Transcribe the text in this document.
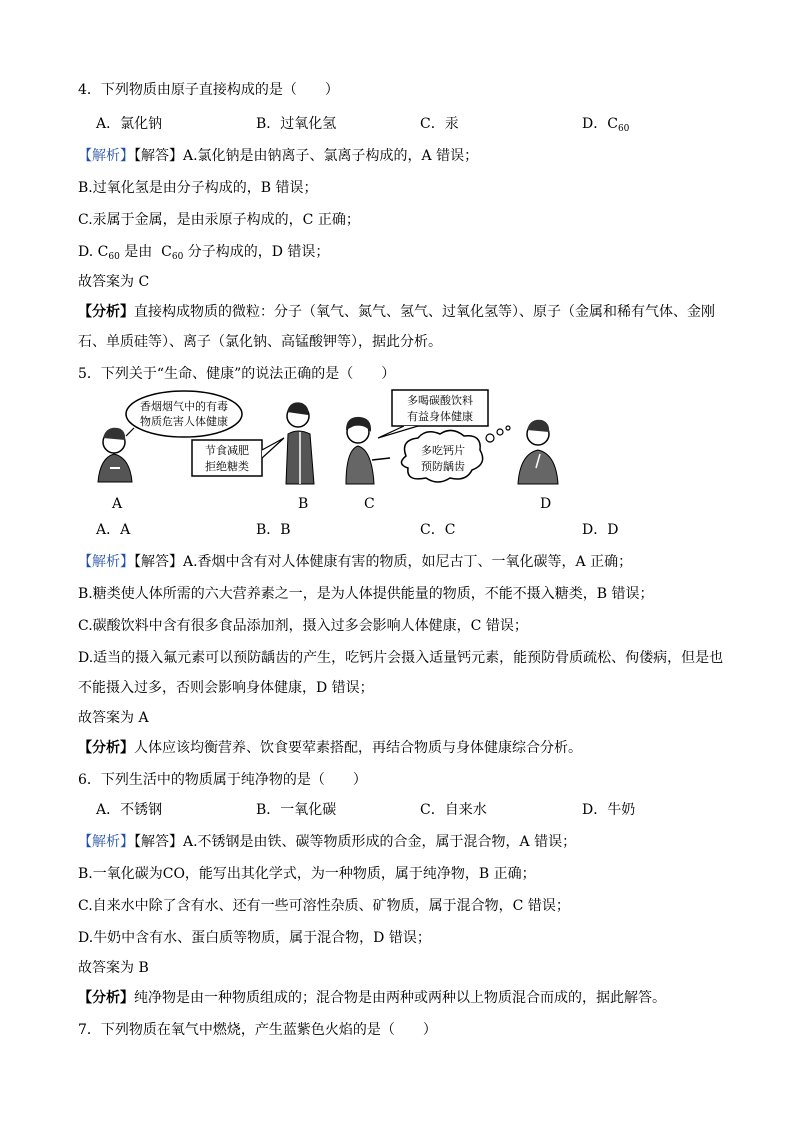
4．下列物质由原子直接构成的是（　　）
A．氯化钠	B．过氧化氢	C．汞	D．$C_{60}$
【解析】【解答】A.氯化钠是由钠离子、氯离子构成的，A 错误；
B.过氧化氢是由分子构成的，B 错误；
C.汞属于金属，是由汞原子构成的，C 正确；
D. $C_{60}$ 是由  $C_{60}$ 分子构成的，D 错误；
故答案为 C
【分析】直接构成物质的微粒：分子（氧气、氮气、氢气、过氧化氢等）、原子（金属和稀有气体、金刚
石、单质硅等）、离子（氯化钠、高锰酸钾等），据此分析。
5．下列关于“生命、健康”的说法正确的是（　　）
香烟烟气中的有毒
物质危害人体健康
节食减肥
拒绝糖类
多喝碳酸饮料
有益身体健康
多吃钙片
预防龋齿
A	B	C	D
A．A	B．B	C．C	D．D
【解析】【解答】A.香烟中含有对人体健康有害的物质，如尼古丁、一氧化碳等，A 正确；
B.糖类使人体所需的六大营养素之一，是为人体提供能量的物质，不能不摄入糖类，B 错误；
C.碳酸饮料中含有很多食品添加剂，摄入过多会影响人体健康，C 错误；
D.适当的摄入氟元素可以预防龋齿的产生，吃钙片会摄入适量钙元素，能预防骨质疏松、佝偻病，但是也
不能摄入过多，否则会影响身体健康，D 错误；
故答案为 A
【分析】人体应该均衡营养、饮食要荤素搭配，再结合物质与身体健康综合分析。
6．下列生活中的物质属于纯净物的是（　　）
A．不锈钢	B．一氧化碳	C．自来水	D．牛奶
【解析】【解答】A.不锈钢是由铁、碳等物质形成的合金，属于混合物，A 错误；
B.一氧化碳为CO，能写出其化学式，为一种物质，属于纯净物，B 正确；
C.自来水中除了含有水、还有一些可溶性杂质、矿物质，属于混合物，C 错误；
D.牛奶中含有水、蛋白质等物质，属于混合物，D 错误；
故答案为 B
【分析】纯净物是由一种物质组成的；混合物是由两种或两种以上物质混合而成的，据此解答。
7．下列物质在氧气中燃烧，产生蓝紫色火焰的是（　　）
